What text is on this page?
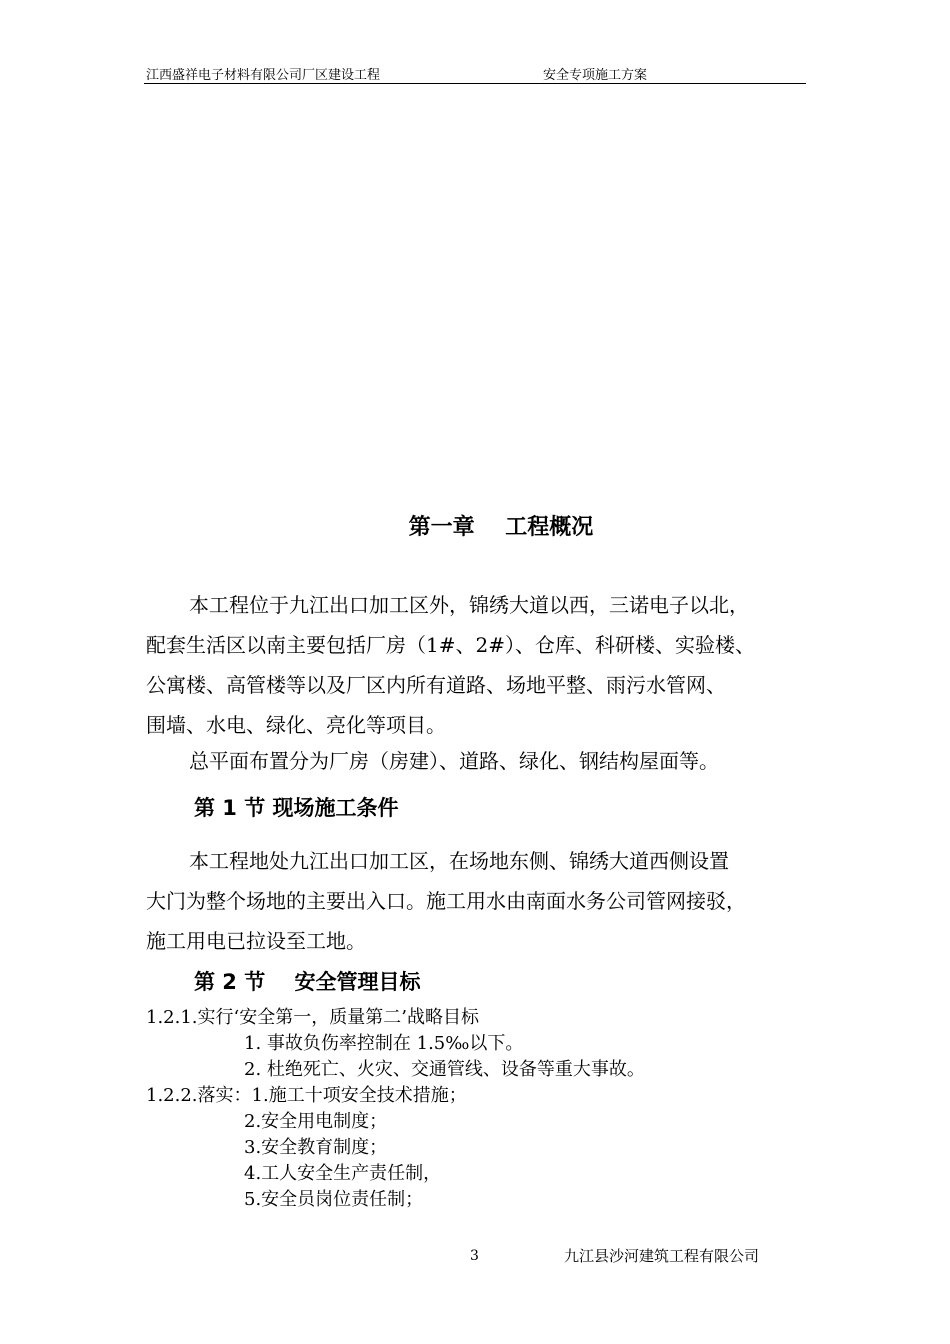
江西盛祥电子材料有限公司厂区建设工程	安全专项施工方案
第一章    工程概况
本工程位于九江出口加工区外，锦绣大道以西，三诺电子以北，
配套生活区以南主要包括厂房（1#、2#）、仓库、科研楼、实验楼、
公寓楼、高管楼等以及厂区内所有道路、场地平整、雨污水管网、
围墙、水电、绿化、亮化等项目。
总平面布置分为厂房（房建）、道路、绿化、钢结构屋面等。
第 1 节 现场施工条件
本工程地处九江出口加工区，在场地东侧、锦绣大道西侧设置
大门为整个场地的主要出入口。施工用水由南面水务公司管网接驳，
施工用电已拉设至工地。
第 2 节    安全管理目标
1.2.1.实行‘安全第一，质量第二’战略目标
1. 事故负伤率控制在 1.5‰以下。
2. 杜绝死亡、火灾、交通管线、设备等重大事故。
1.2.2.落实：1.施工十项安全技术措施；
2.安全用电制度；
3.安全教育制度；
4.工人安全生产责任制，
5.安全员岗位责任制；
3	九江县沙河建筑工程有限公司
